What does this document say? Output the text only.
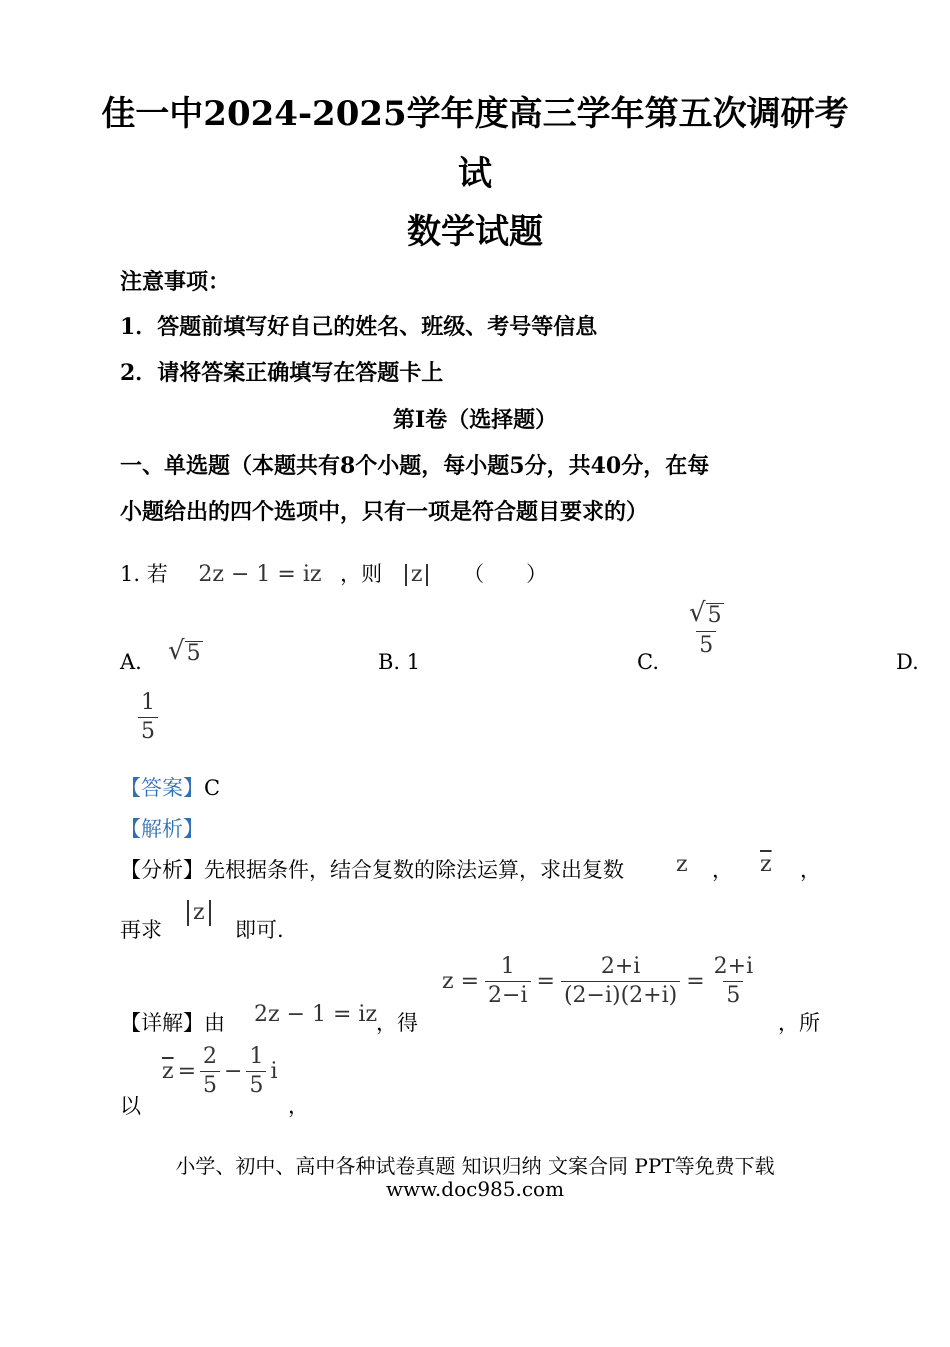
佳一中2024-2025学年度高三学年第五次调研考
试
数学试题
注意事项：
1．答题前填写好自己的姓名、班级、考号等信息
2．请将答案正确填写在答题卡上
第Ⅰ卷（选择题）
一、单选题（本题共有8个小题，每小题5分，共40分，在每
小题给出的四个选项中，只有一项是符合题目要求的）
1. 若 2z − 1 = iz ，则 z （　　）
A. √ 5	B. 1	C.
$\frac{√ 5}{5}$
D.
$\frac{1}{5}$
【答案】C
【解析】
【分析】先根据条件，结合复数的除法运算，求出复数 z ， $\overline{z}$ ，
再求
z
即可.
【详解】由 2z − 1 = iz
，得
$z = \frac{1}{2-i} = \frac{2+i}{(2-i)(2+i)} = \frac{2+i}{5}$
，所
以
$\overline{z} = \frac{2}{5} - \frac{1}{5}$ i
，
小学、初中、高中各种试卷真题 知识归纳 文案合同 PPT等免费下载
www.doc985.com
